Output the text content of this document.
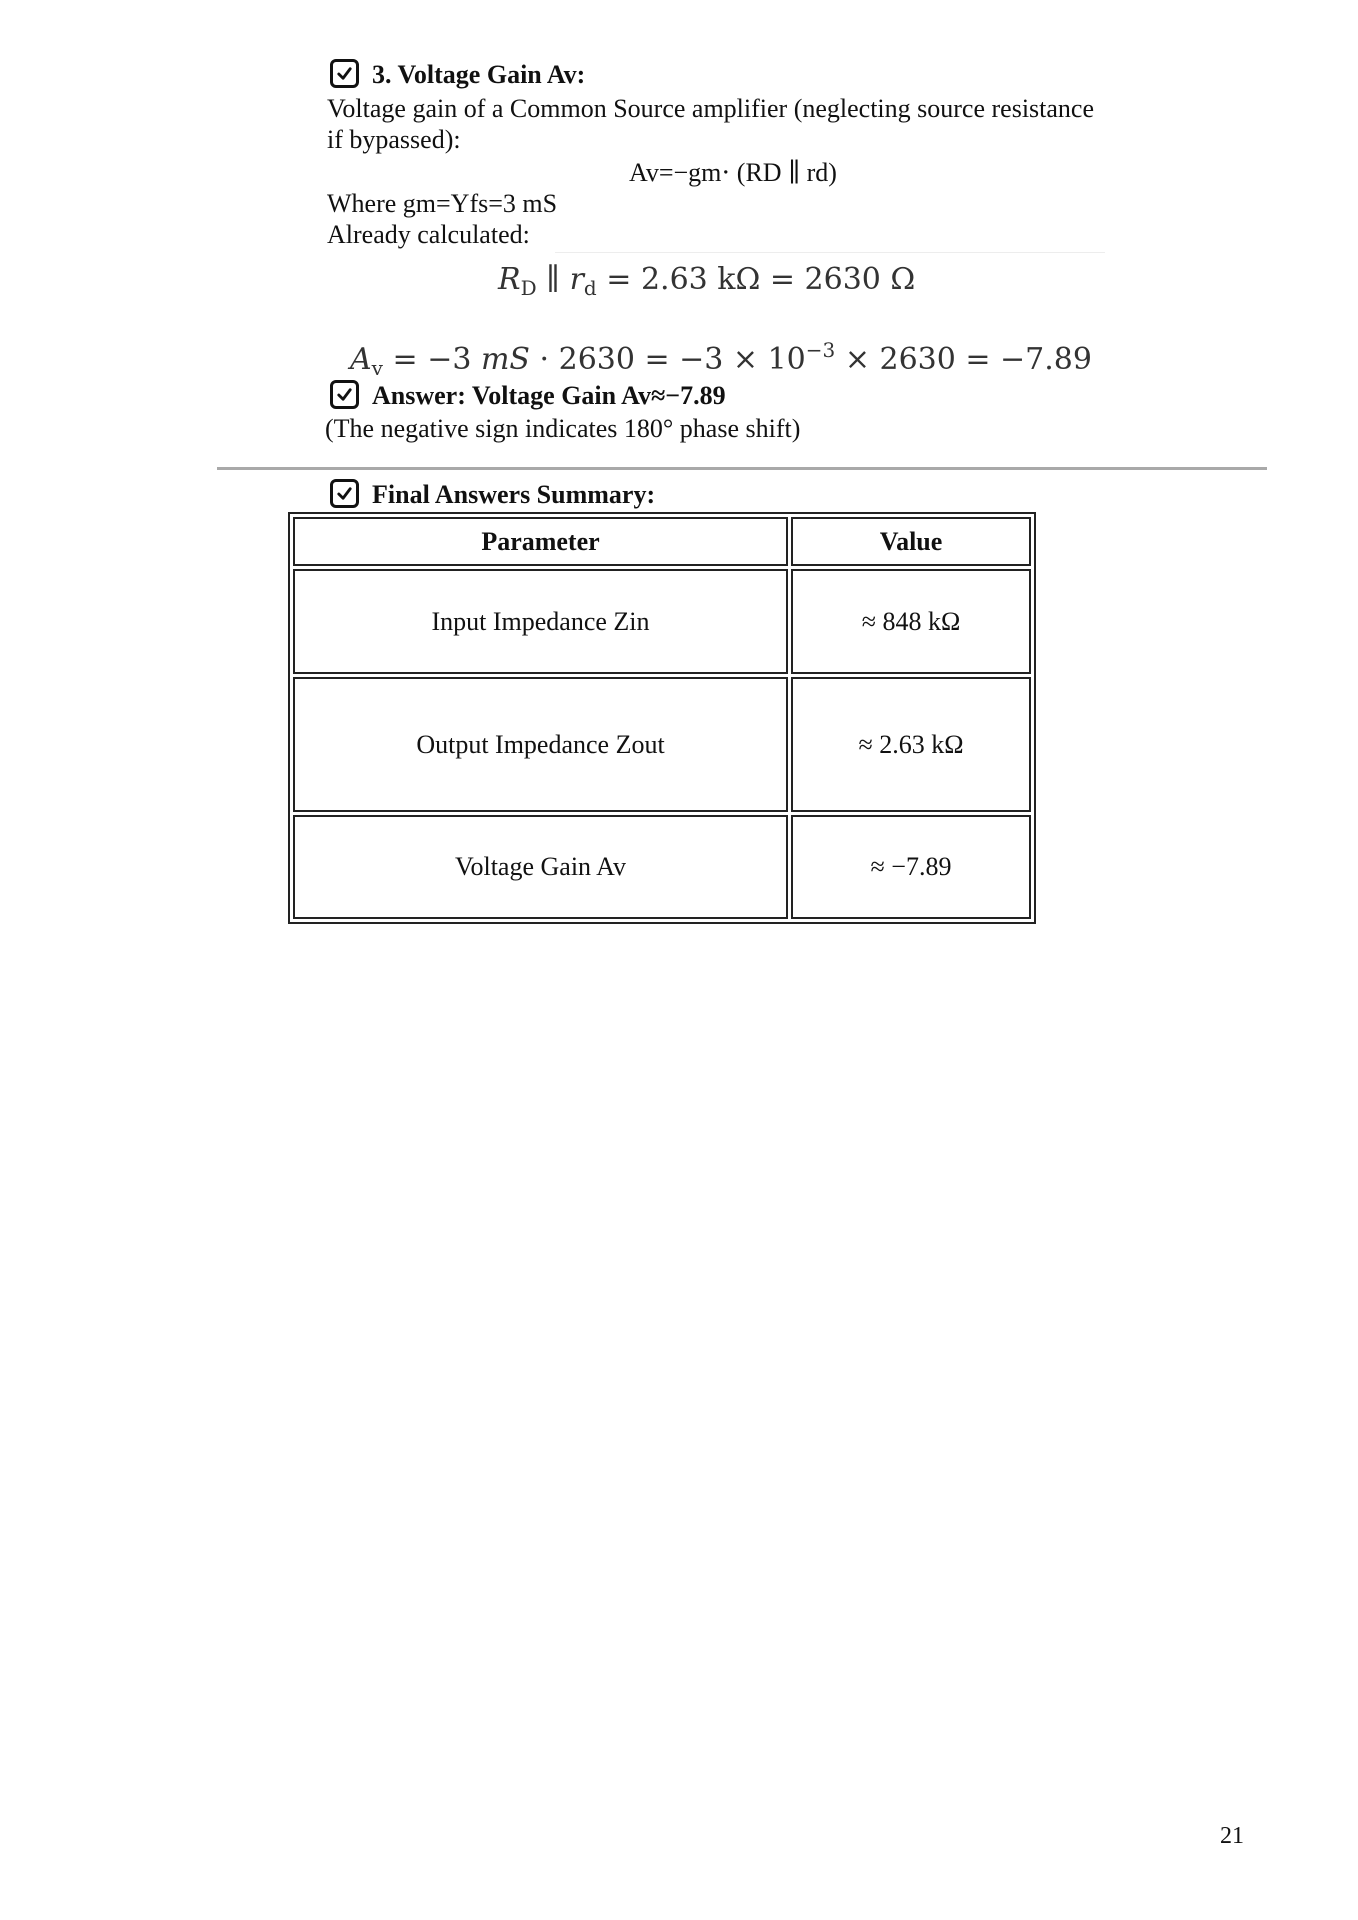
3. Voltage Gain Av:
Voltage gain of a Common Source amplifier (neglecting source resistance
if bypassed):
Av=−gm⋅ (RD ∥ rd)
Where gm=Yfs=3 mS
Already calculated:
$R_D$ ∥ $r_d = 2.63$ kΩ = 2630 Ω
$A_v = -3$ mS · $2630 = -3 \times 10^{-3} \times 2630 = -7.89$
Answer: Voltage Gain Av≈−7.89
(The negative sign indicates 180° phase shift)
Final Answers Summary:
Parameter	Value
Input Impedance Zin	≈ 848 kΩ
Output Impedance Zout	≈ 2.63 kΩ
Voltage Gain Av	≈ −7.89
21
